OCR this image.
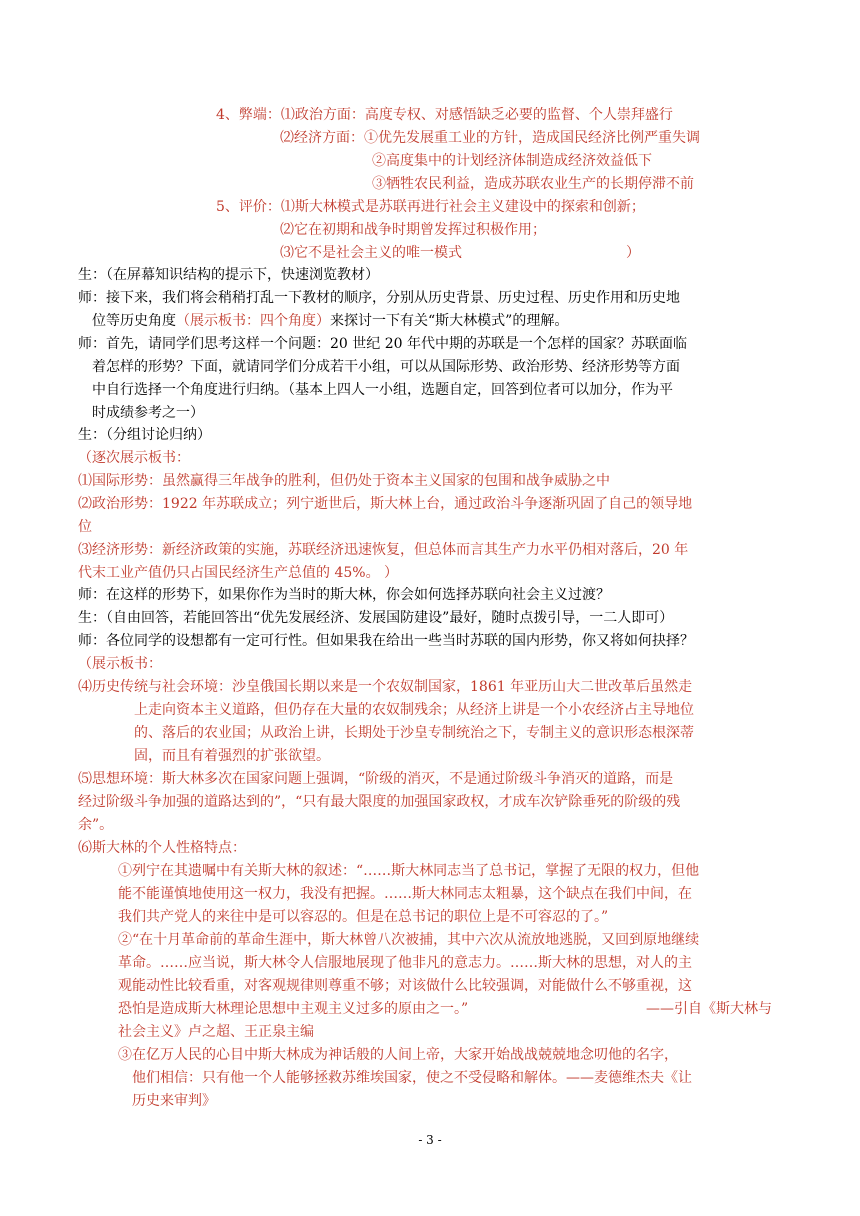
4、弊端：⑴政治方面：高度专权、对感悟缺乏必要的监督、个人崇拜盛行
⑵经济方面：①优先发展重工业的方针，造成国民经济比例严重失调
②高度集中的计划经济体制造成经济效益低下
③牺牲农民利益，造成苏联农业生产的长期停滞不前
5、评价：⑴斯大林模式是苏联再进行社会主义建设中的探索和创新；
⑵它在初期和战争时期曾发挥过积极作用；
⑶它不是社会主义的唯一模式	）
生：（在屏幕知识结构的提示下，快速浏览教材）
师：接下来，我们将会稍稍打乱一下教材的顺序，分别从历史背景、历史过程、历史作用和历史地
位等历史角度（展示板书：四个角度）来探讨一下有关“斯大林模式”的理解。
师：首先，请同学们思考这样一个问题：20 世纪 20 年代中期的苏联是一个怎样的国家？苏联面临
着怎样的形势？下面，就请同学们分成若干小组，可以从国际形势、政治形势、经济形势等方面
中自行选择一个角度进行归纳。（基本上四人一小组，选题自定，回答到位者可以加分，作为平
时成绩参考之一）
生：（分组讨论归纳）
（逐次展示板书：
⑴国际形势：虽然赢得三年战争的胜利，但仍处于资本主义国家的包围和战争威胁之中
⑵政治形势：1922 年苏联成立；列宁逝世后，斯大林上台，通过政治斗争逐渐巩固了自己的领导地
位
⑶经济形势：新经济政策的实施，苏联经济迅速恢复，但总体而言其生产力水平仍相对落后，20 年
代末工业产值仍只占国民经济生产总值的 45%。 ）
师：在这样的形势下，如果你作为当时的斯大林，你会如何选择苏联向社会主义过渡？
生：（自由回答，若能回答出“优先发展经济、发展国防建设”最好，随时点拨引导，一二人即可）
师：各位同学的设想都有一定可行性。但如果我在给出一些当时苏联的国内形势，你又将如何抉择？
（展示板书：
⑷历史传统与社会环境：沙皇俄国长期以来是一个农奴制国家，1861 年亚历山大二世改革后虽然走
上走向资本主义道路，但仍存在大量的农奴制残余；从经济上讲是一个小农经济占主导地位
的、落后的农业国；从政治上讲，长期处于沙皇专制统治之下，专制主义的意识形态根深蒂
固，而且有着强烈的扩张欲望。
⑸思想环境：斯大林多次在国家问题上强调，“阶级的消灭，不是通过阶级斗争消灭的道路，而是
经过阶级斗争加强的道路达到的”，“只有最大限度的加强国家政权，才成车次铲除垂死的阶级的残
余”。
⑹斯大林的个人性格特点：
①列宁在其遗嘱中有关斯大林的叙述：“……斯大林同志当了总书记，掌握了无限的权力，但他
能不能谨慎地使用这一权力，我没有把握。……斯大林同志太粗暴，这个缺点在我们中间，在
我们共产党人的来往中是可以容忍的。但是在总书记的职位上是不可容忍的了。”
②“在十月革命前的革命生涯中，斯大林曾八次被捕，其中六次从流放地逃脱，又回到原地继续
革命。……应当说，斯大林令人信服地展现了他非凡的意志力。……斯大林的思想，对人的主
观能动性比较看重，对客观规律则尊重不够；对该做什么比较强调，对能做什么不够重视，这
恐怕是造成斯大林理论思想中主观主义过多的原由之一。”	——引自《斯大林与
社会主义》卢之超、王正泉主编
③在亿万人民的心目中斯大林成为神话般的人间上帝，大家开始战战兢兢地念叨他的名字，
他们相信：只有他一个人能够拯救苏维埃国家，使之不受侵略和解体。——麦德维杰夫《让
历史来审判》
- 3 -
